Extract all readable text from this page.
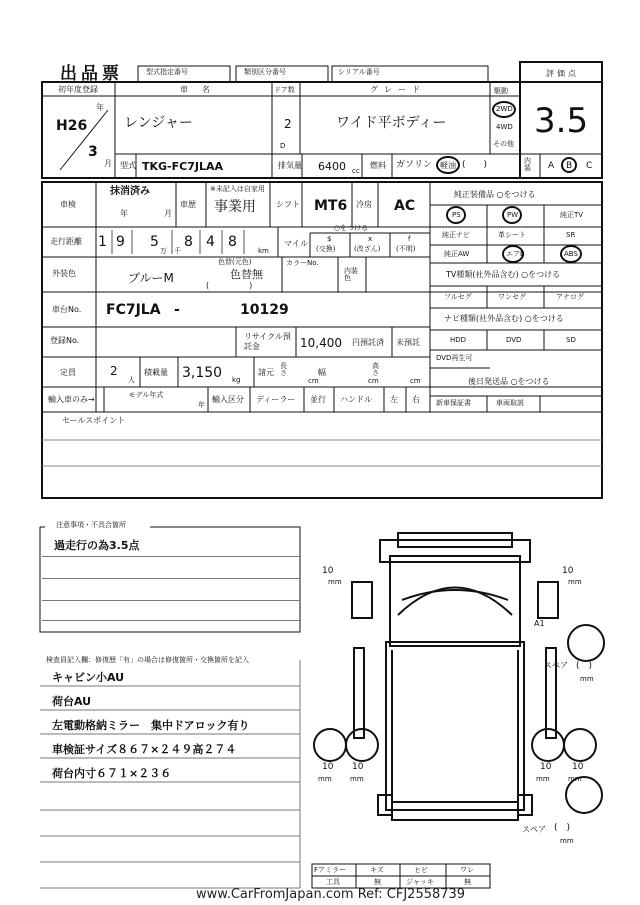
出品票	型式指定番号	類別区分番号	シリアル番号	評価点
3.5
初年度登録
H26
年
3
月
車名
レンジャー
ドア数
2
D
グレード
ワイド平ボディー
駆動
2WD
4WD
その他
型式 TKG-FC7JLAA	排気量 6400 cc
燃料 ガソリン 軽油 (　　)	内装	A B C
車検
抹消済み
年	月
車歴
※未記入は自家用
事業用	シフト MT6 冷房 AC
走行距離 1 9 5
万 千
8 4 8
km
マイル
○をつける
$
(交換)
x
(改ざん)
f
(不明)
外装色	ブルーM
色替(元色)
色替無
(　　　　　)
カラーNo.
内装色
車台No. FC7JLA -	10129
登録No.	リサイクル預託金	10,400 円預託済 未預託
定員	2
人
積載量 3,150 kg
諸元
長さ
cm
幅
cm
高さ
cm
輸入車のみ→	モデル年式
年
輸入区分 ディーラー 並行 ハンドル 左 右
純正装備品 ○をつける
PS	PW	純正TV
純正ナビ	革シート	SR
純正AW	エアB	ABS
TV種類(社外品含む) ○をつける
フルセグ	ワンセグ	アナログ
ナビ種類(社外品含む) ○をつける
HDD	DVD	SD
DVD再生可
後日発送品 ○をつける
新車保証書	車両取説
セールスポイント
注意事項・不具合箇所
過走行の為3.5点
検査員記入欄：修復歴「有」の場合は修復箇所・交換箇所を記入
キャビン小AU
荷台AU
左電動格納ミラー　集中ドアロック有り
車検証サイズ８６７×２４９高２７４
荷台内寸６７１×２３６
10
mm
10
mm
A1
スペア (　)
mm
10
mm
10
mm
10
mm
10
mm
スペア (　)
mm
Fアミラー	キズ	ヒビ	ワレ
工具	無	ジャッキ	無
www.CarFromJapan.com Ref: CFJ2558739
